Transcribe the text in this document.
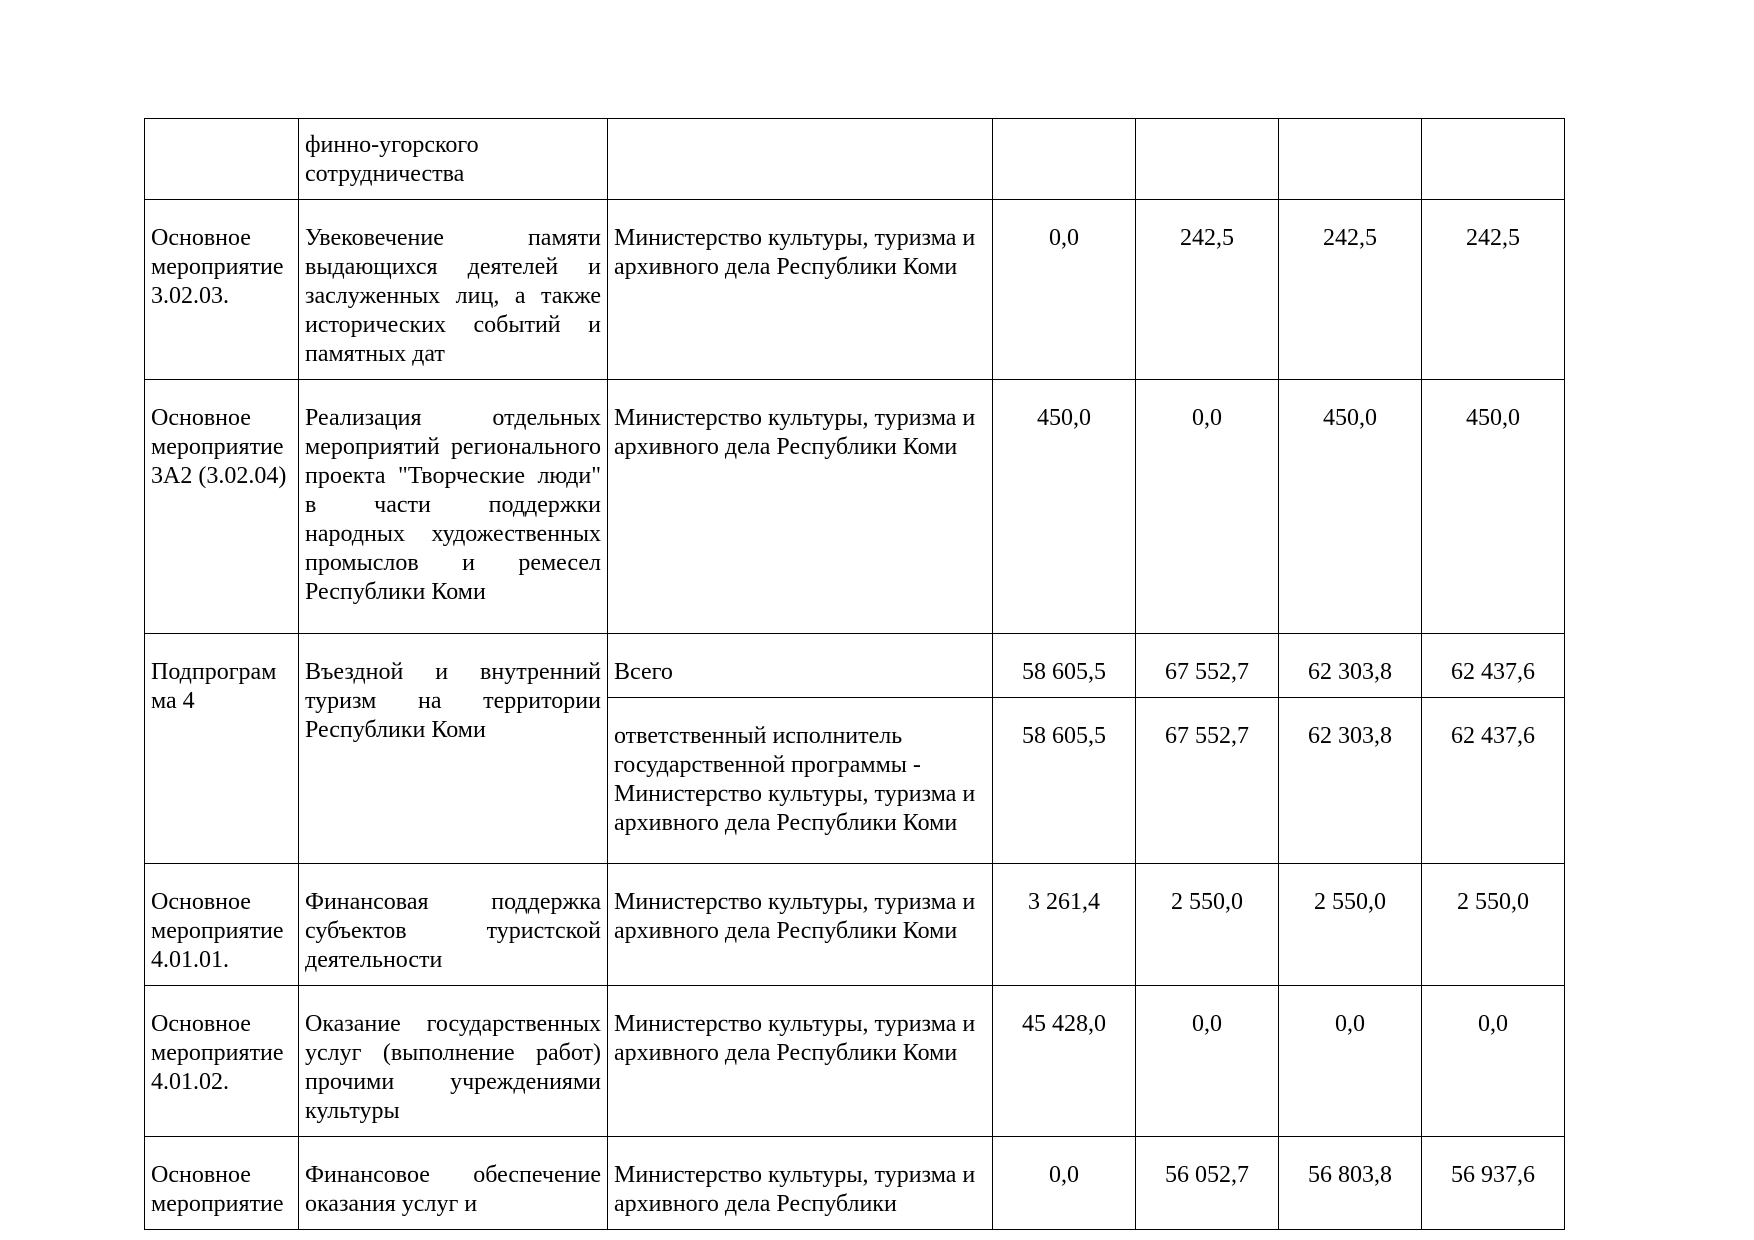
	финно-угорского сотрудничества					
Основное мероприятие 3.02.03.	Увековечение памяти выдающихся деятелей и заслуженных лиц, а также исторических событий и памятных дат	Министерство культуры, туризма и архивного дела Республики Коми	0,0	242,5	242,5	242,5
Основное мероприятие 3А2 (3.02.04)	Реализация отдельных мероприятий регионального проекта "Творческие люди" в части поддержки народных художественных промыслов и ремесел Республики Коми	Министерство культуры, туризма и архивного дела Республики Коми	450,0	0,0	450,0	450,0
Подпрограм ма 4	Въездной и внутренний туризм на территории Республики Коми	Всего	58 605,5	67 552,7	62 303,8	62 437,6
		ответственный исполнитель государственной программы - Министерство культуры, туризма и архивного дела Республики Коми	58 605,5	67 552,7	62 303,8	62 437,6
Основное мероприятие 4.01.01.	Финансовая поддержка субъектов туристской деятельности	Министерство культуры, туризма и архивного дела Республики Коми	3 261,4	2 550,0	2 550,0	2 550,0
Основное мероприятие 4.01.02.	Оказание государственных услуг (выполнение работ) прочими учреждениями культуры	Министерство культуры, туризма и архивного дела Республики Коми	45 428,0	0,0	0,0	0,0
Основное мероприятие	Финансовое обеспечение оказания услуг и	Министерство культуры, туризма и архивного дела Республики	0,0	56 052,7	56 803,8	56 937,6
